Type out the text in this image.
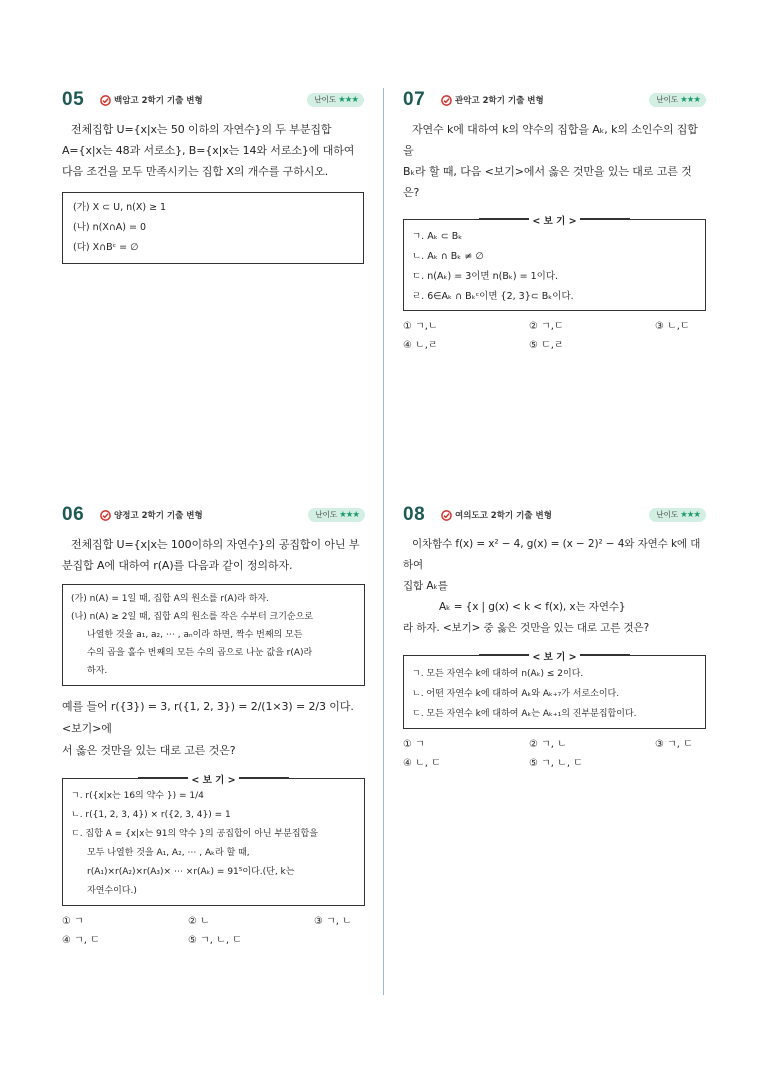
05	백암고 2학기 기출 변형	난이도 ★★★
전체집합 U={x|x는 50 이하의 자연수}의 두 부분집합
A={x|x는 48과 서로소}, B={x|x는 14와 서로소}에 대하여
다음 조건을 모두 만족시키는 집합 X의 개수를 구하시오.
(가) X ⊂ U, n(X) ≥ 1
(나) n(X∩A) = 0
(다) X∩Bᶜ = ∅
07	관악고 2학기 기출 변형	난이도 ★★★
자연수 k에 대하여 k의 약수의 집합을 Aₖ, k의 소인수의 집합을
Bₖ라 할 때, 다음 <보기>에서 옳은 것만을 있는 대로 고른 것은?
< 보 기 >
ㄱ. Aₖ ⊂ Bₖ
ㄴ. Aₖ ∩ Bₖ ≠ ∅
ㄷ. n(Aₖ) = 3이면 n(Bₖ) = 1이다.
ㄹ. 6∈Aₖ ∩ Bₖᶜ이면 {2, 3}⊂ Bₖ이다.
① ㄱ,ㄴ	② ㄱ,ㄷ	③ ㄴ,ㄷ
④ ㄴ,ㄹ	⑤ ㄷ,ㄹ
06	양정고 2학기 기출 변형	난이도 ★★★
전체집합 U={x|x는 100이하의 자연수}의 공집합이 아닌 부
분집합 A에 대하여 r(A)를 다음과 같이 정의하자.
(가) n(A) = 1일 때, 집합 A의 원소를 r(A)라 하자.
(나) n(A) ≥ 2일 때, 집합 A의 원소를 작은 수부터 크기순으로
나열한 것을 a₁, a₂, ⋯ , aₙ이라 하면, 짝수 번째의 모든
수의 곱을 홀수 번째의 모든 수의 곱으로 나눈 값을 r(A)라
하자.
예를 들어 r({3}) = 3, r({1, 2, 3}) = 2/(1×3) = 2/3 이다. <보기>에
서 옳은 것만을 있는 대로 고른 것은?
< 보 기 >
ㄱ. r({x|x는 16의 약수 }) = 1/4
ㄴ. r({1, 2, 3, 4}) × r({2, 3, 4}) = 1
ㄷ. 집합 A = {x|x는 91의 약수 }의 공집합이 아닌 부분집합을
모두 나열한 것을 A₁, A₂, ⋯ , Aₖ라 할 때,
r(A₁)×r(A₂)×r(A₃)× ⋯ ×r(Aₖ) = 91⁵이다.(단, k는
자연수이다.)
① ㄱ	② ㄴ	③ ㄱ, ㄴ
④ ㄱ, ㄷ	⑤ ㄱ, ㄴ, ㄷ
08	여의도고 2학기 기출 변형	난이도 ★★★
이차함수 f(x) = x² − 4, g(x) = (x − 2)² − 4와 자연수 k에 대하여
집합 Aₖ를
Aₖ = {x | g(x) < k < f(x), x는 자연수}
라 하자. <보기> 중 옳은 것만을 있는 대로 고른 것은?
< 보 기 >
ㄱ. 모든 자연수 k에 대하여 n(Aₖ) ≤ 2이다.
ㄴ. 어떤 자연수 k에 대하여 Aₖ와 Aₖ₊₇가 서로소이다.
ㄷ. 모든 자연수 k에 대하여 Aₖ는 Aₖ₊₁의 진부분집합이다.
① ㄱ	② ㄱ, ㄴ	③ ㄱ, ㄷ
④ ㄴ, ㄷ	⑤ ㄱ, ㄴ, ㄷ
